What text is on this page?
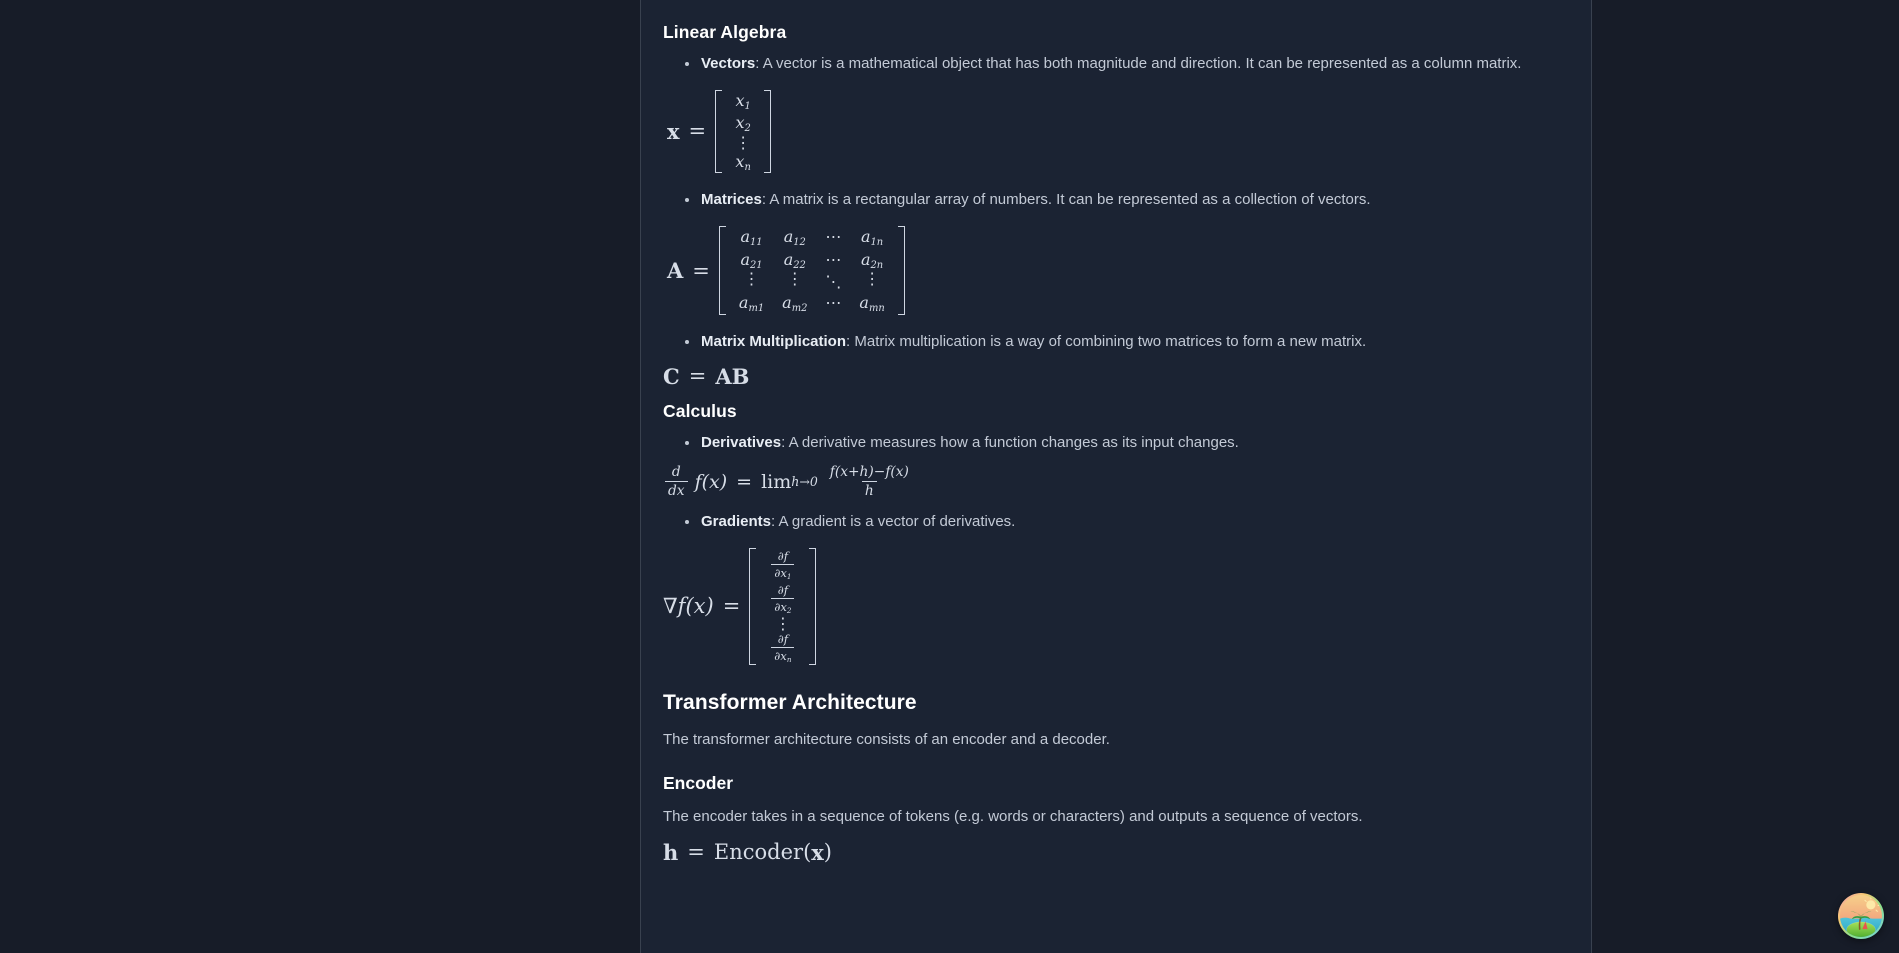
Linear Algebra
Vectors: A vector is a mathematical object that has both magnitude and direction. It can be represented as a column matrix.
x =
$x_1$
$x_2$
⋮
$x_n$
Matrices: A matrix is a rectangular array of numbers. It can be represented as a collection of vectors.
A =
$a_{11}$	$a_{12}$	⋯	$a_{1n}$
$a_{21}$	$a_{22}$	⋯	$a_{2n}$
⋮	⋮	⋱	⋮
$a_{m1}$	$a_{m2}$	⋯	$a_{mn}$
Matrix Multiplication: Matrix multiplication is a way of combining two matrices to form a new matrix.
C = A B
Calculus
Derivatives: A derivative measures how a function changes as its input changes.
$\frac{d}{dx} f(x) = \lim h\to 0 \frac{f(x+h)-f(x)}{h}$
Gradients: A gradient is a vector of derivatives.
∇ f(x) =
$\frac{\partial f}{\partial x_1}$
$\frac{\partial f}{\partial x_2}$
⋮
$\frac{\partial f}{\partial x_n}$
Transformer Architecture

The transformer architecture consists of an encoder and a decoder.

Encoder

The encoder takes in a sequence of tokens (e.g. words or characters) and outputs a sequence of vectors.

h = Encoder ( x )
